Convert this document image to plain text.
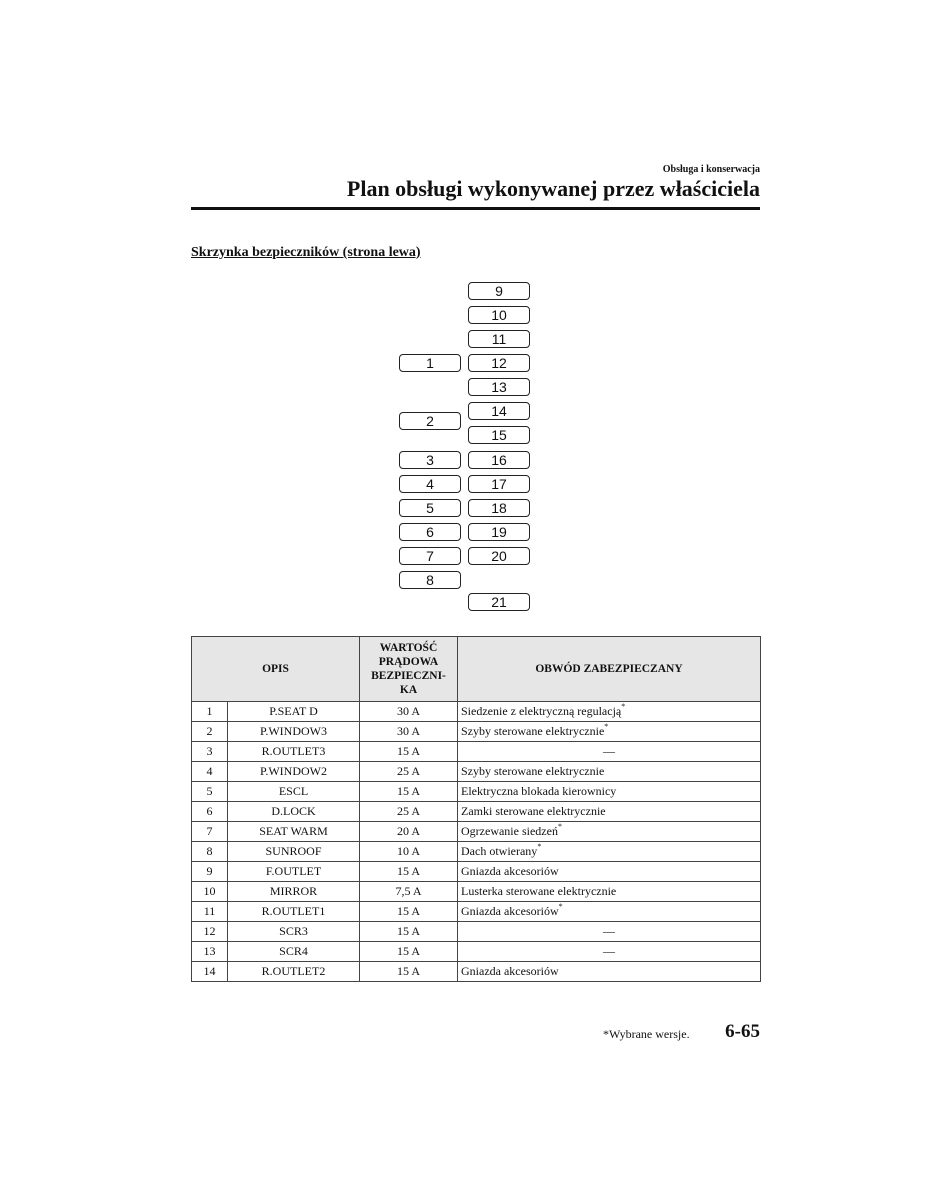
Obsługa i konserwacja
Plan obsługi wykonywanej przez właściciela
Skrzynka bezpieczników (strona lewa)
1
2
3
4
5
6
7
8
9
10
11
12
13
14
15
16
17
18
19
20
21
OPIS		WARTOŚĆ
PRĄDOWA
BEZPIECZNI-
KA	OBWÓD ZABEZPIECZANY
1	P.SEAT D	30 A	Siedzenie z elektryczną regulacją*
2	P.WINDOW3	30 A	Szyby sterowane elektrycznie*
3	R.OUTLET3	15 A	—
4	P.WINDOW2	25 A	Szyby sterowane elektrycznie
5	ESCL	15 A	Elektryczna blokada kierownicy
6	D.LOCK	25 A	Zamki sterowane elektrycznie
7	SEAT WARM	20 A	Ogrzewanie siedzeń*
8	SUNROOF	10 A	Dach otwierany*
9	F.OUTLET	15 A	Gniazda akcesoriów
10	MIRROR	7,5 A	Lusterka sterowane elektrycznie
11	R.OUTLET1	15 A	Gniazda akcesoriów*
12	SCR3	15 A	—
13	SCR4	15 A	—
14	R.OUTLET2	15 A	Gniazda akcesoriów
*Wybrane wersje. 6-65
